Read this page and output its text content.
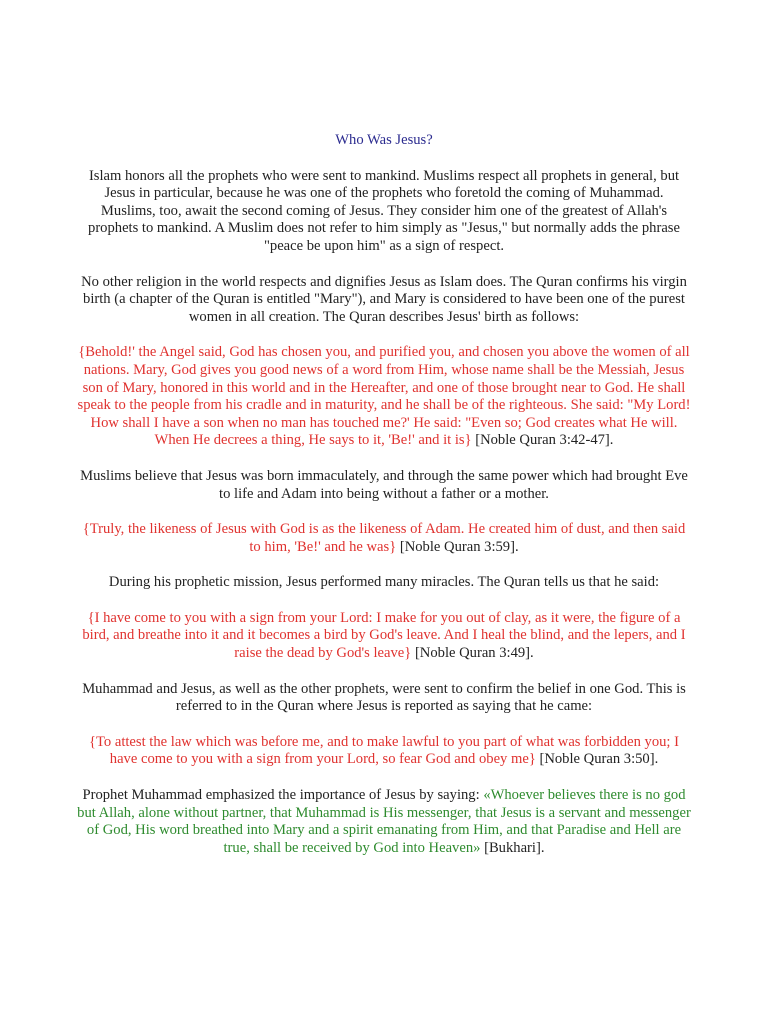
Who Was Jesus?

Islam honors all the prophets who were sent to mankind. Muslims respect all prophets in general, but Jesus in particular, because he was one of the prophets who foretold the coming of Muhammad. Muslims, too, await the second coming of Jesus. They consider him one of the greatest of Allah's prophets to mankind. A Muslim does not refer to him simply as "Jesus," but normally adds the phrase "peace be upon him" as a sign of respect.

No other religion in the world respects and dignifies Jesus as Islam does. The Quran confirms his virgin birth (a chapter of the Quran is entitled "Mary"), and Mary is considered to have been one of the purest women in all creation. The Quran describes Jesus' birth as follows:

{Behold!' the Angel said, God has chosen you, and purified you, and chosen you above the women of all nations. Mary, God gives you good news of a word from Him, whose name shall be the Messiah, Jesus son of Mary, honored in this world and in the Hereafter, and one of those brought near to God. He shall speak to the people from his cradle and in maturity, and he shall be of the righteous. She said: "My Lord! How shall I have a son when no man has touched me?' He said: "Even so; God creates what He will. When He decrees a thing, He says to it, 'Be!' and it is} [Noble Quran 3:42-47].

Muslims believe that Jesus was born immaculately, and through the same power which had brought Eve to life and Adam into being without a father or a mother.

{Truly, the likeness of Jesus with God is as the likeness of Adam. He created him of dust, and then said to him, 'Be!' and he was} [Noble Quran 3:59].

During his prophetic mission, Jesus performed many miracles. The Quran tells us that he said:

{I have come to you with a sign from your Lord: I make for you out of clay, as it were, the figure of a bird, and breathe into it and it becomes a bird by God's leave. And I heal the blind, and the lepers, and I raise the dead by God's leave} [Noble Quran 3:49].

Muhammad and Jesus, as well as the other prophets, were sent to confirm the belief in one God. This is referred to in the Quran where Jesus is reported as saying that he came:

{To attest the law which was before me, and to make lawful to you part of what was forbidden you; I have come to you with a sign from your Lord, so fear God and obey me} [Noble Quran 3:50].

Prophet Muhammad emphasized the importance of Jesus by saying: «Whoever believes there is no god but Allah, alone without partner, that Muhammad is His messenger, that Jesus is a servant and messenger of God, His word breathed into Mary and a spirit emanating from Him, and that Paradise and Hell are true, shall be received by God into Heaven» [Bukhari].
